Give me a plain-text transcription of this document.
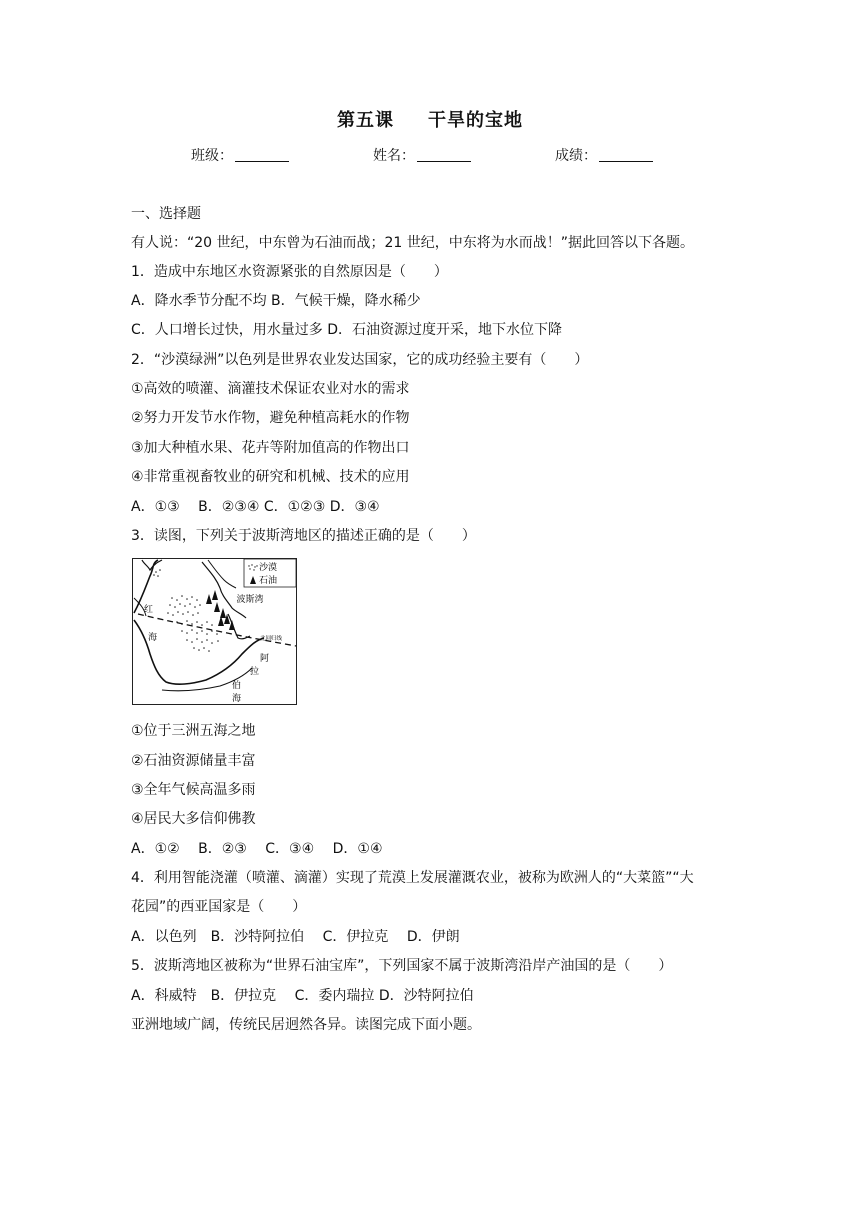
第五课 干旱的宝地
班级：	姓名：	成绩：
一、选择题
有人说：“20 世纪，中东曾为石油而战；21 世纪，中东将为水而战！”据此回答以下各题。
1．造成中东地区水资源紧张的自然原因是（　　）
A．降水季节分配不均 B．气候干燥，降水稀少
C．人口增长过快，用水量过多 D．石油资源过度开采，地下水位下降
2．“沙漠绿洲”以色列是世界农业发达国家，它的成功经验主要有（　　）
①高效的喷灌、滴灌技术保证农业对水的需求
②努力开发节水作物，避免种植高耗水的作物
③加大种植水果、花卉等附加值高的作物出口
④非常重视畜牧业的研究和机械、技术的应用
A．①③　 B．②③④ C．①②③ D．③④
3．读图，下列关于波斯湾地区的描述正确的是（　　）
沙漠
石油
波斯湾
红
海	北回归线
阿
拉
伯
海
①位于三洲五海之地
②石油资源储量丰富
③全年气候高温多雨
④居民大多信仰佛教
A．①②　 B．②③　 C．③④　 D．①④
4．利用智能浇灌（喷灌、滴灌）实现了荒漠上发展灌溉农业，被称为欧洲人的“大菜篮”“大
花园”的西亚国家是（　　）
A．以色列　B．沙特阿拉伯　 C．伊拉克　 D．伊朗
5．波斯湾地区被称为“世界石油宝库”，下列国家不属于波斯湾沿岸产油国的是（　　）
A．科威特　B．伊拉克　 C．委内瑞拉 D．沙特阿拉伯
亚洲地域广阔，传统民居迥然各异。读图完成下面小题。
